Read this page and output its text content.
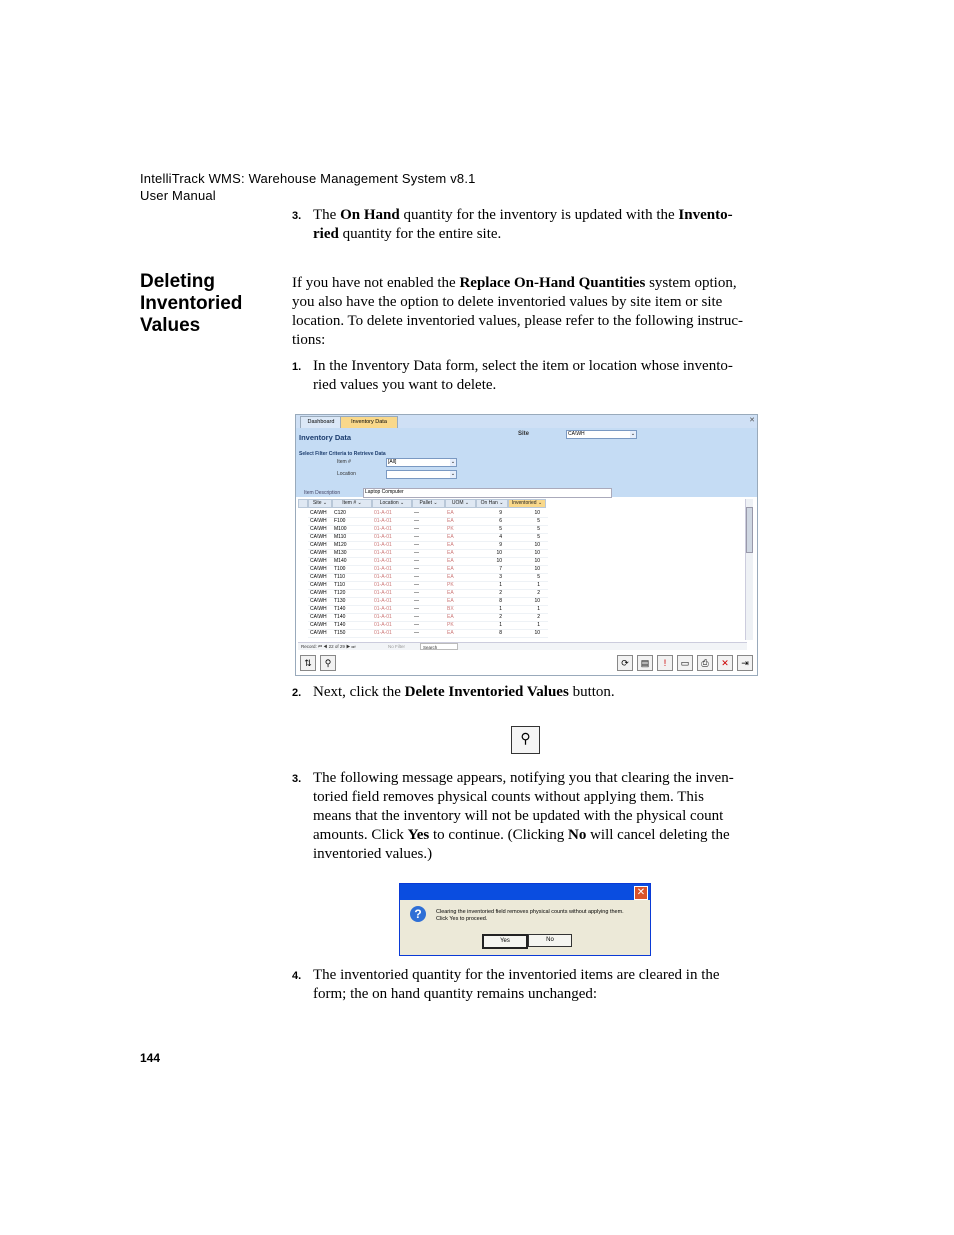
IntelliTrack WMS: Warehouse Management System v8.1
User Manual
3. The On Hand quantity for the inventory is updated with the Invento-
ried quantity for the entire site.
Deleting
Inventoried
Values
If you have not enabled the Replace On-Hand Quantities system option,
you also have the option to delete inventoried values by site item or site
location. To delete inventoried values, please refer to the following instruc-
tions:
1. In the Inventory Data form, select the item or location whose invento-
ried values you want to delete.
Dashboard	Inventory Data	✕
Inventory Data	Site	CA\WH	⌄
Select Filter Criteria to Retrieve Data
Item #	[All]	⌄
Location	⌄
Item Description	Laptop Computer
Site ⌄	Item # ⌄	Location ⌄	Pallet ⌄	UOM ⌄	On Han ⌄	Inventoried ⌄
CA\WH C120	01-A-01	—	EA	9	10
CA\WH F100	01-A-01	—	EA	6	5
CA\WH M100	01-A-01	—	PK	5	5
CA\WH M110	01-A-01	—	EA	4	5
CA\WH M120	01-A-01	—	EA	9	10
CA\WH M130	01-A-01	—	EA	10	10
CA\WH M140	01-A-01	—	EA	10	10
CA\WH T100	01-A-01	—	EA	7	10
CA\WH T110	01-A-01	—	EA	3	5
CA\WH T110	01-A-01	—	PK	1	1
CA\WH T120	01-A-01	—	EA	2	2
CA\WH T130	01-A-01	—	EA	8	10
CA\WH T140	01-A-01	—	BX	1	1
CA\WH T140	01-A-01	—	EA	2	2
CA\WH T140	01-A-01	—	PK	1	1
CA\WH T150	01-A-01	—	EA	8	10
Record: ⏮ ◀ 22 of 29 ▶ ⏭	No Filter	Search
⇅	⚲	⟳	▤	!	▭	⎙	✕	⇥
2. Next, click the Delete Inventoried Values button.
⚲
3. The following message appears, notifying you that clearing the inven-
toried field removes physical counts without applying them. This
means that the inventory will not be updated with the physical count
amounts. Click Yes to continue. (Clicking No will cancel deleting the
inventoried values.)
✕
?	Clearing the inventoried field removes physical counts without applying them.
Click Yes to proceed.
Yes	No
4. The inventoried quantity for the inventoried items are cleared in the
form; the on hand quantity remains unchanged:
144
